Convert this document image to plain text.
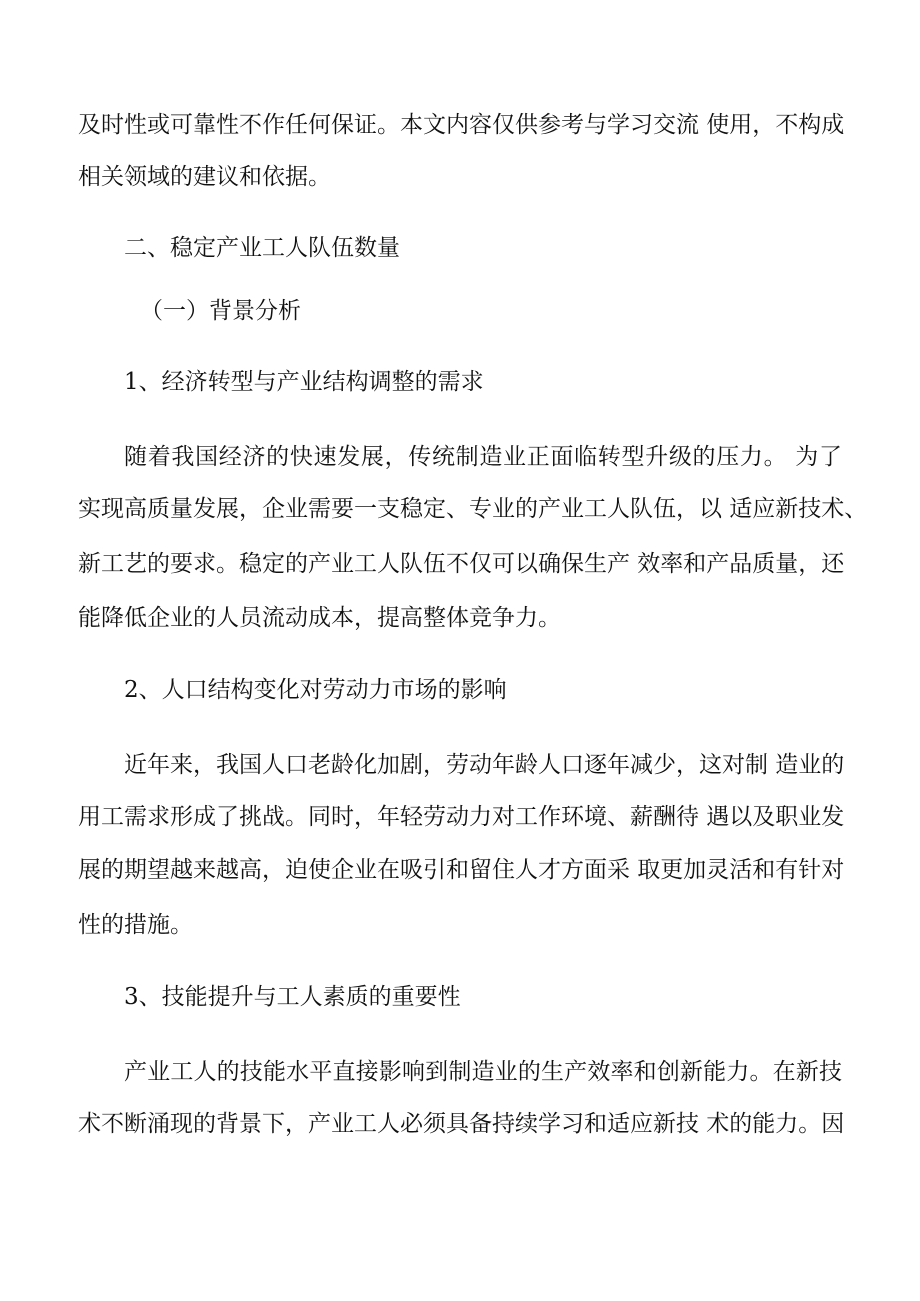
及时性或可靠性不作任何保证。本文内容仅供参考与学习交流 使用，不构成
相关领域的建议和依据。
二、稳定产业工人队伍数量
（一）背景分析
1、经济转型与产业结构调整的需求
随着我国经济的快速发展，传统制造业正面临转型升级的压力。 为了
实现高质量发展，企业需要一支稳定、专业的产业工人队伍，以 适应新技术、
新工艺的要求。稳定的产业工人队伍不仅可以确保生产 效率和产品质量，还
能降低企业的人员流动成本，提高整体竞争力。
2、人口结构变化对劳动力市场的影响
近年来，我国人口老龄化加剧，劳动年龄人口逐年减少，这对制 造业的
用工需求形成了挑战。同时，年轻劳动力对工作环境、薪酬待 遇以及职业发
展的期望越来越高，迫使企业在吸引和留住人才方面采 取更加灵活和有针对
性的措施。
3、技能提升与工人素质的重要性
产业工人的技能水平直接影响到制造业的生产效率和创新能力。在新技
术不断涌现的背景下，产业工人必须具备持续学习和适应新技 术的能力。因
